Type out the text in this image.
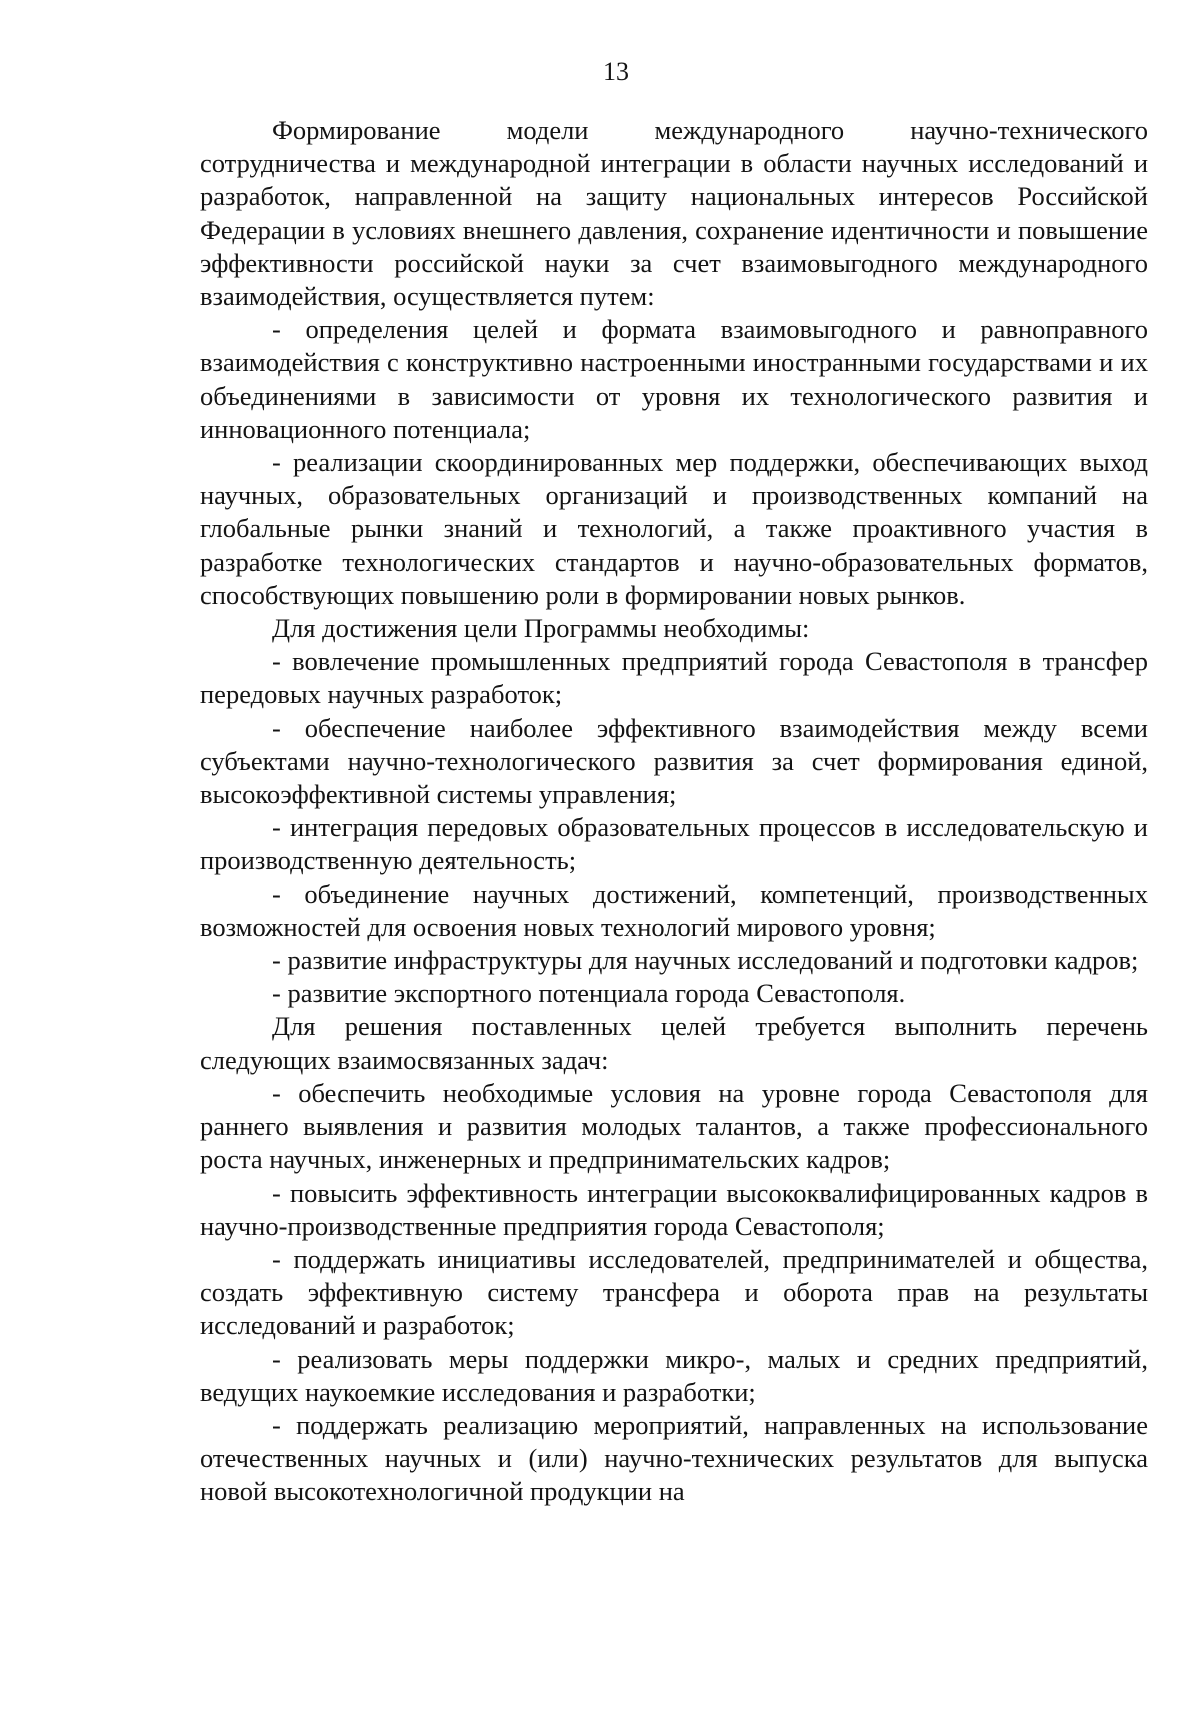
13

Формирование модели международного научно-технического сотрудничества и международной интеграции в области научных исследований и разработок, направленной на защиту национальных интересов Российской Федерации в условиях внешнего давления, сохранение идентичности и повышение эффективности российской науки за счет взаимовыгодного международного взаимодействия, осуществляется путем:

- определения целей и формата взаимовыгодного и равноправного взаимодействия с конструктивно настроенными иностранными государствами и их объединениями в зависимости от уровня их технологического развития и инновационного потенциала;

- реализации скоординированных мер поддержки, обеспечивающих выход научных, образовательных организаций и производственных компаний на глобальные рынки знаний и технологий, а также проактивного участия в разработке технологических стандартов и научно-образовательных форматов, способствующих повышению роли в формировании новых рынков.

Для достижения цели Программы необходимы:

- вовлечение промышленных предприятий города Севастополя в трансфер передовых научных разработок;

- обеспечение наиболее эффективного взаимодействия между всеми субъектами научно-технологического развития за счет формирования единой, высокоэффективной системы управления;

- интеграция передовых образовательных процессов в исследовательскую и производственную деятельность;

- объединение научных достижений, компетенций, производственных возможностей для освоения новых технологий мирового уровня;

- развитие инфраструктуры для научных исследований и подготовки кадров;

- развитие экспортного потенциала города Севастополя.

Для решения поставленных целей требуется выполнить перечень следующих взаимосвязанных задач:

- обеспечить необходимые условия на уровне города Севастополя для раннего выявления и развития молодых талантов, а также профессионального роста научных, инженерных и предпринимательских кадров;

- повысить эффективность интеграции высококвалифицированных кадров в научно-производственные предприятия города Севастополя;

- поддержать инициативы исследователей, предпринимателей и общества, создать эффективную систему трансфера и оборота прав на результаты исследований и разработок;

- реализовать меры поддержки микро-, малых и средних предприятий, ведущих наукоемкие исследования и разработки;

- поддержать реализацию мероприятий, направленных на использование отечественных научных и (или) научно-технических результатов для выпуска новой высокотехнологичной продукции на
